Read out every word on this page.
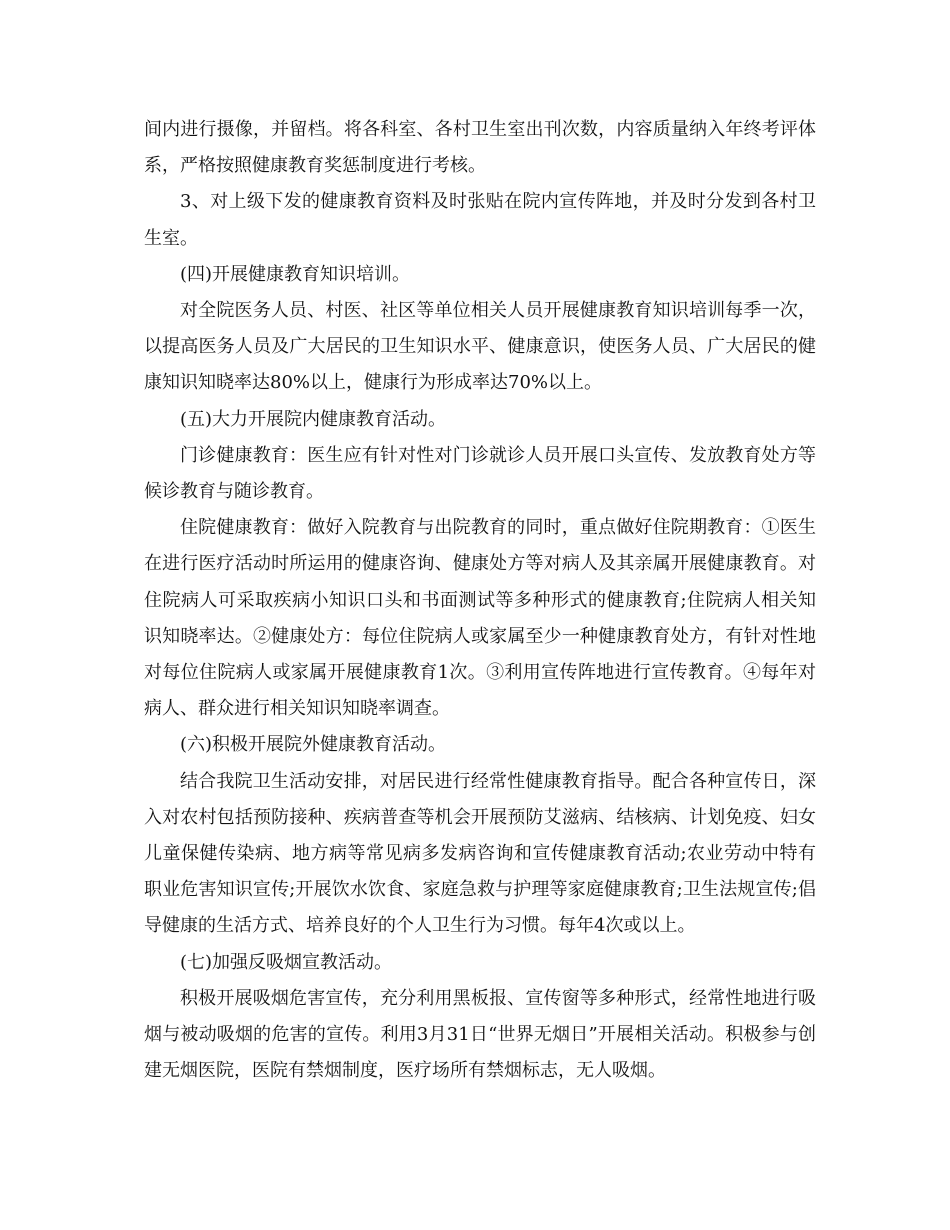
间内进行摄像，并留档。将各科室、各村卫生室出刊次数，内容质量纳入年终考评体系，严格按照健康教育奖惩制度进行考核。

3、对上级下发的健康教育资料及时张贴在院内宣传阵地，并及时分发到各村卫生室。

(四)开展健康教育知识培训。

对全院医务人员、村医、社区等单位相关人员开展健康教育知识培训每季一次，以提高医务人员及广大居民的卫生知识水平、健康意识，使医务人员、广大居民的健康知识知晓率达80%以上，健康行为形成率达70%以上。

(五)大力开展院内健康教育活动。

门诊健康教育：医生应有针对性对门诊就诊人员开展口头宣传、发放教育处方等候诊教育与随诊教育。

住院健康教育：做好入院教育与出院教育的同时，重点做好住院期教育：①医生在进行医疗活动时所运用的健康咨询、健康处方等对病人及其亲属开展健康教育。对住院病人可采取疾病小知识口头和书面测试等多种形式的健康教育;住院病人相关知识知晓率达。②健康处方：每位住院病人或家属至少一种健康教育处方，有针对性地对每位住院病人或家属开展健康教育1次。③利用宣传阵地进行宣传教育。④每年对病人、群众进行相关知识知晓率调查。

(六)积极开展院外健康教育活动。

结合我院卫生活动安排，对居民进行经常性健康教育指导。配合各种宣传日，深入对农村包括预防接种、疾病普查等机会开展预防艾滋病、结核病、计划免疫、妇女儿童保健传染病、地方病等常见病多发病咨询和宣传健康教育活动;农业劳动中特有职业危害知识宣传;开展饮水饮食、家庭急救与护理等家庭健康教育;卫生法规宣传;倡导健康的生活方式、培养良好的个人卫生行为习惯。每年4次或以上。

(七)加强反吸烟宣教活动。

积极开展吸烟危害宣传，充分利用黑板报、宣传窗等多种形式，经常性地进行吸烟与被动吸烟的危害的宣传。利用3月31日“世界无烟日”开展相关活动。积极参与创建无烟医院，医院有禁烟制度，医疗场所有禁烟标志，无人吸烟。
